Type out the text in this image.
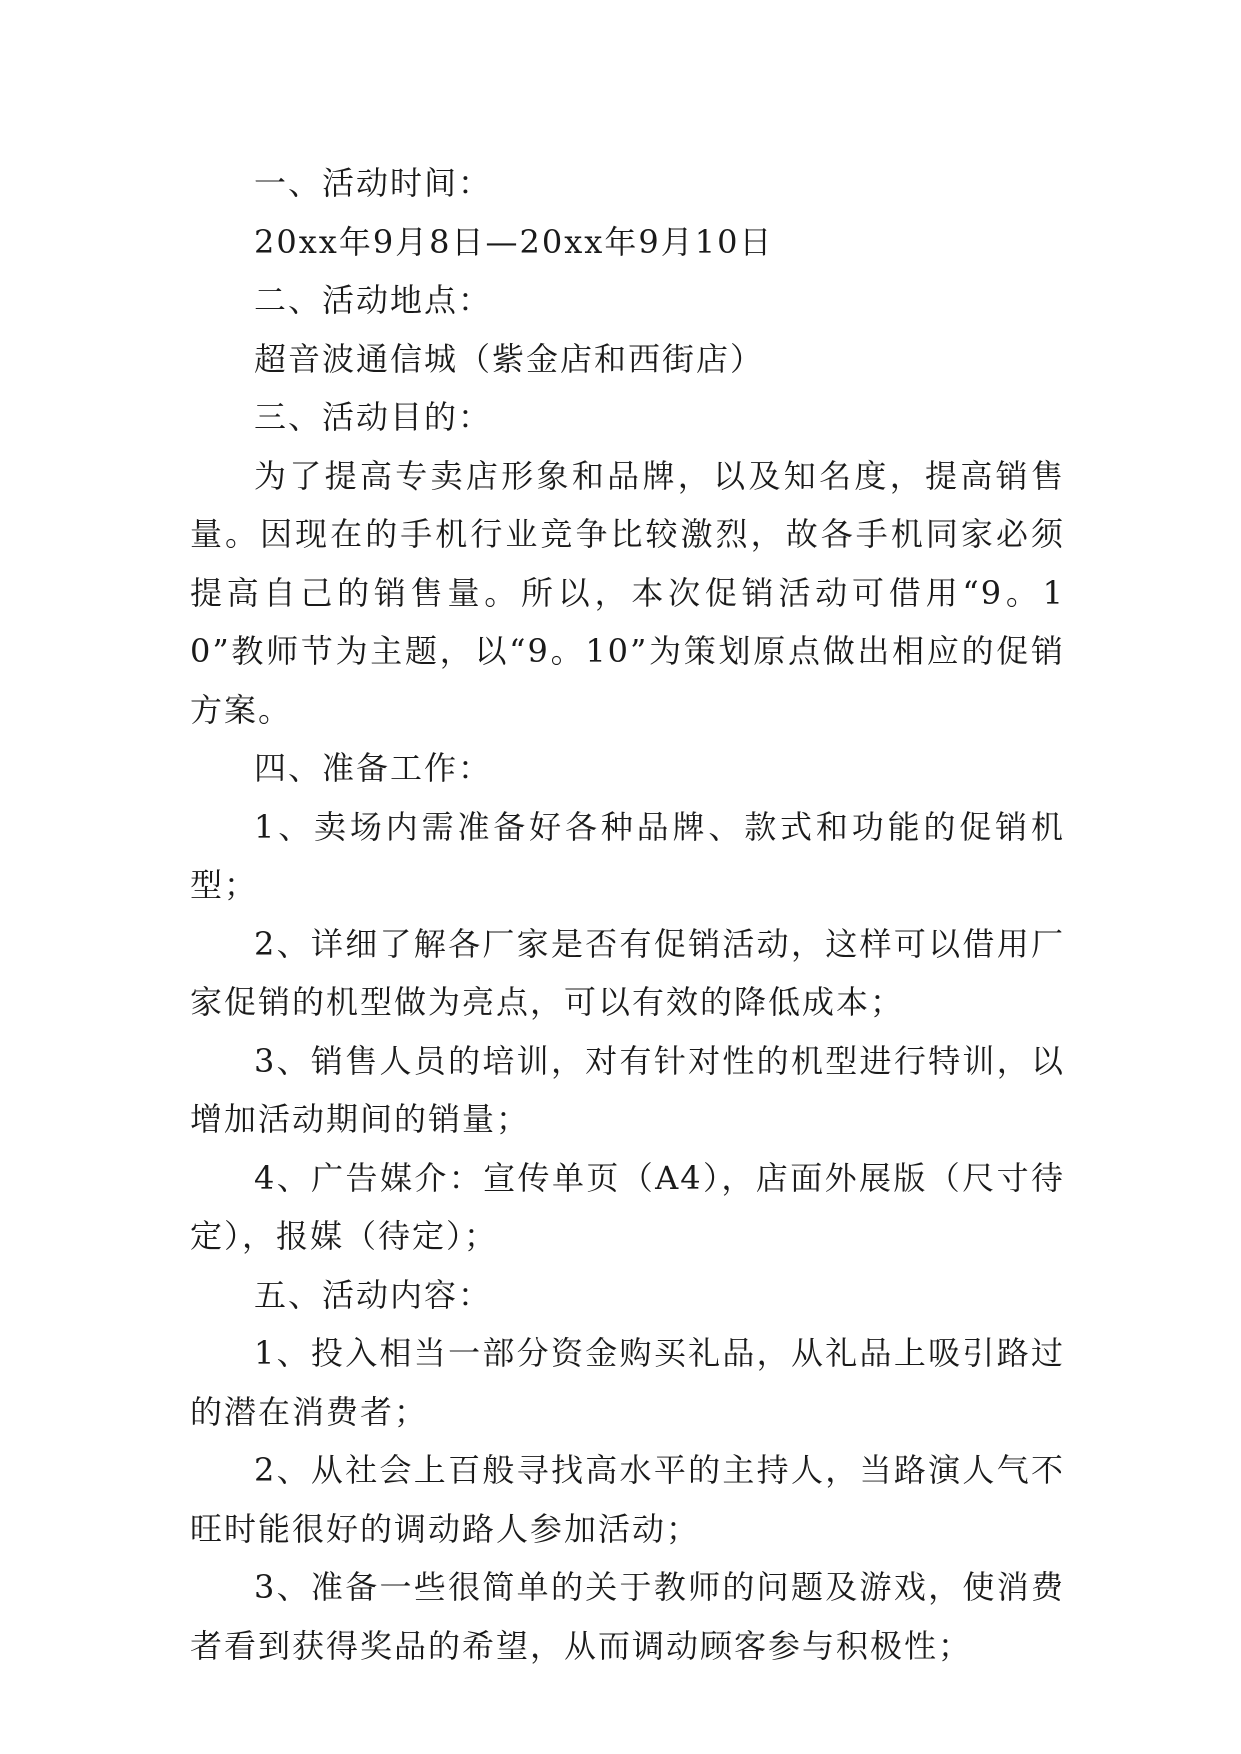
一、活动时间：

20xx年9月8日—20xx年9月10日

二、活动地点：

超音波通信城（紫金店和西街店）

三、活动目的：

为了提高专卖店形象和品牌，以及知名度，提高销售量。因现在的手机行业竞争比较激烈，故各手机同家必须提高自己的销售量。所以，本次促销活动可借用“9。10”教师节为主题，以“9。10”为策划原点做出相应的促销方案。

四、准备工作：

1、卖场内需准备好各种品牌、款式和功能的促销机型；

2、详细了解各厂家是否有促销活动，这样可以借用厂家促销的机型做为亮点，可以有效的降低成本；

3、销售人员的培训，对有针对性的机型进行特训，以增加活动期间的销量；

4、广告媒介：宣传单页（A4），店面外展版（尺寸待定），报媒（待定）；

五、活动内容：

1、投入相当一部分资金购买礼品，从礼品上吸引路过的潜在消费者；

2、从社会上百般寻找高水平的主持人，当路演人气不旺时能很好的调动路人参加活动；

3、准备一些很简单的关于教师的问题及游戏，使消费者看到获得奖品的希望，从而调动顾客参与积极性；
